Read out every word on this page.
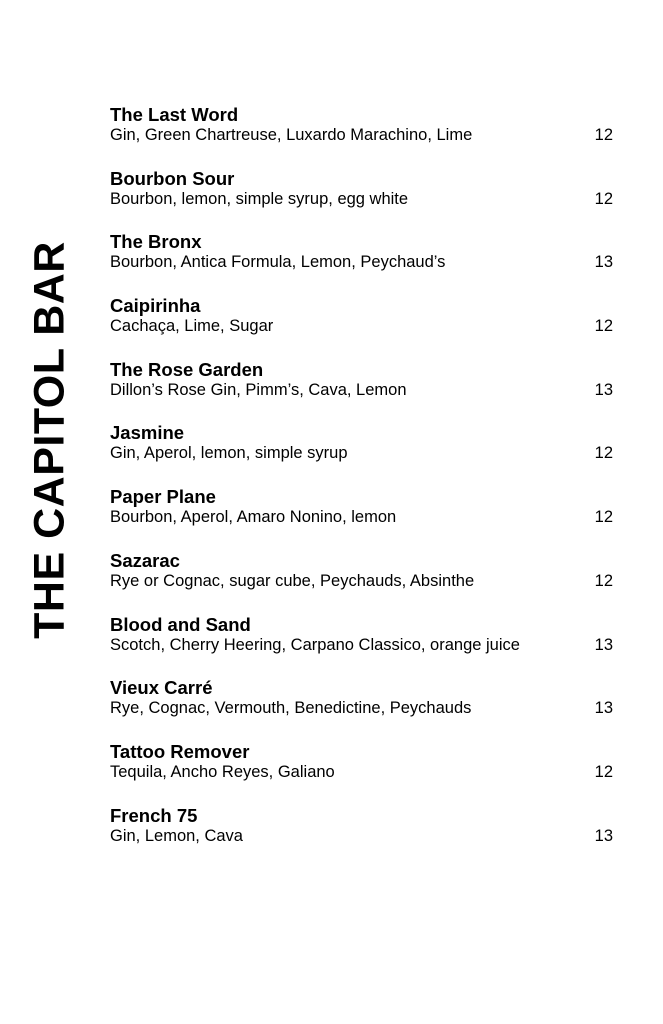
THE CAPITOL BAR
The Last Word
Gin, Green Chartreuse, Luxardo Marachino, Lime	12
Bourbon Sour
Bourbon, lemon, simple syrup, egg white	12
The Bronx
Bourbon, Antica Formula, Lemon, Peychaud’s	13
Caipirinha
Cachaça, Lime, Sugar	12
The Rose Garden
Dillon’s Rose Gin, Pimm’s, Cava, Lemon	13
Jasmine
Gin, Aperol, lemon, simple syrup	12
Paper Plane
Bourbon, Aperol, Amaro Nonino, lemon	12
Sazarac
Rye or Cognac, sugar cube, Peychauds, Absinthe	12
Blood and Sand
Scotch, Cherry Heering, Carpano Classico, orange juice	13
Vieux Carré
Rye, Cognac, Vermouth, Benedictine, Peychauds	13
Tattoo Remover
Tequila, Ancho Reyes, Galiano	12
French 75
Gin, Lemon, Cava	13
